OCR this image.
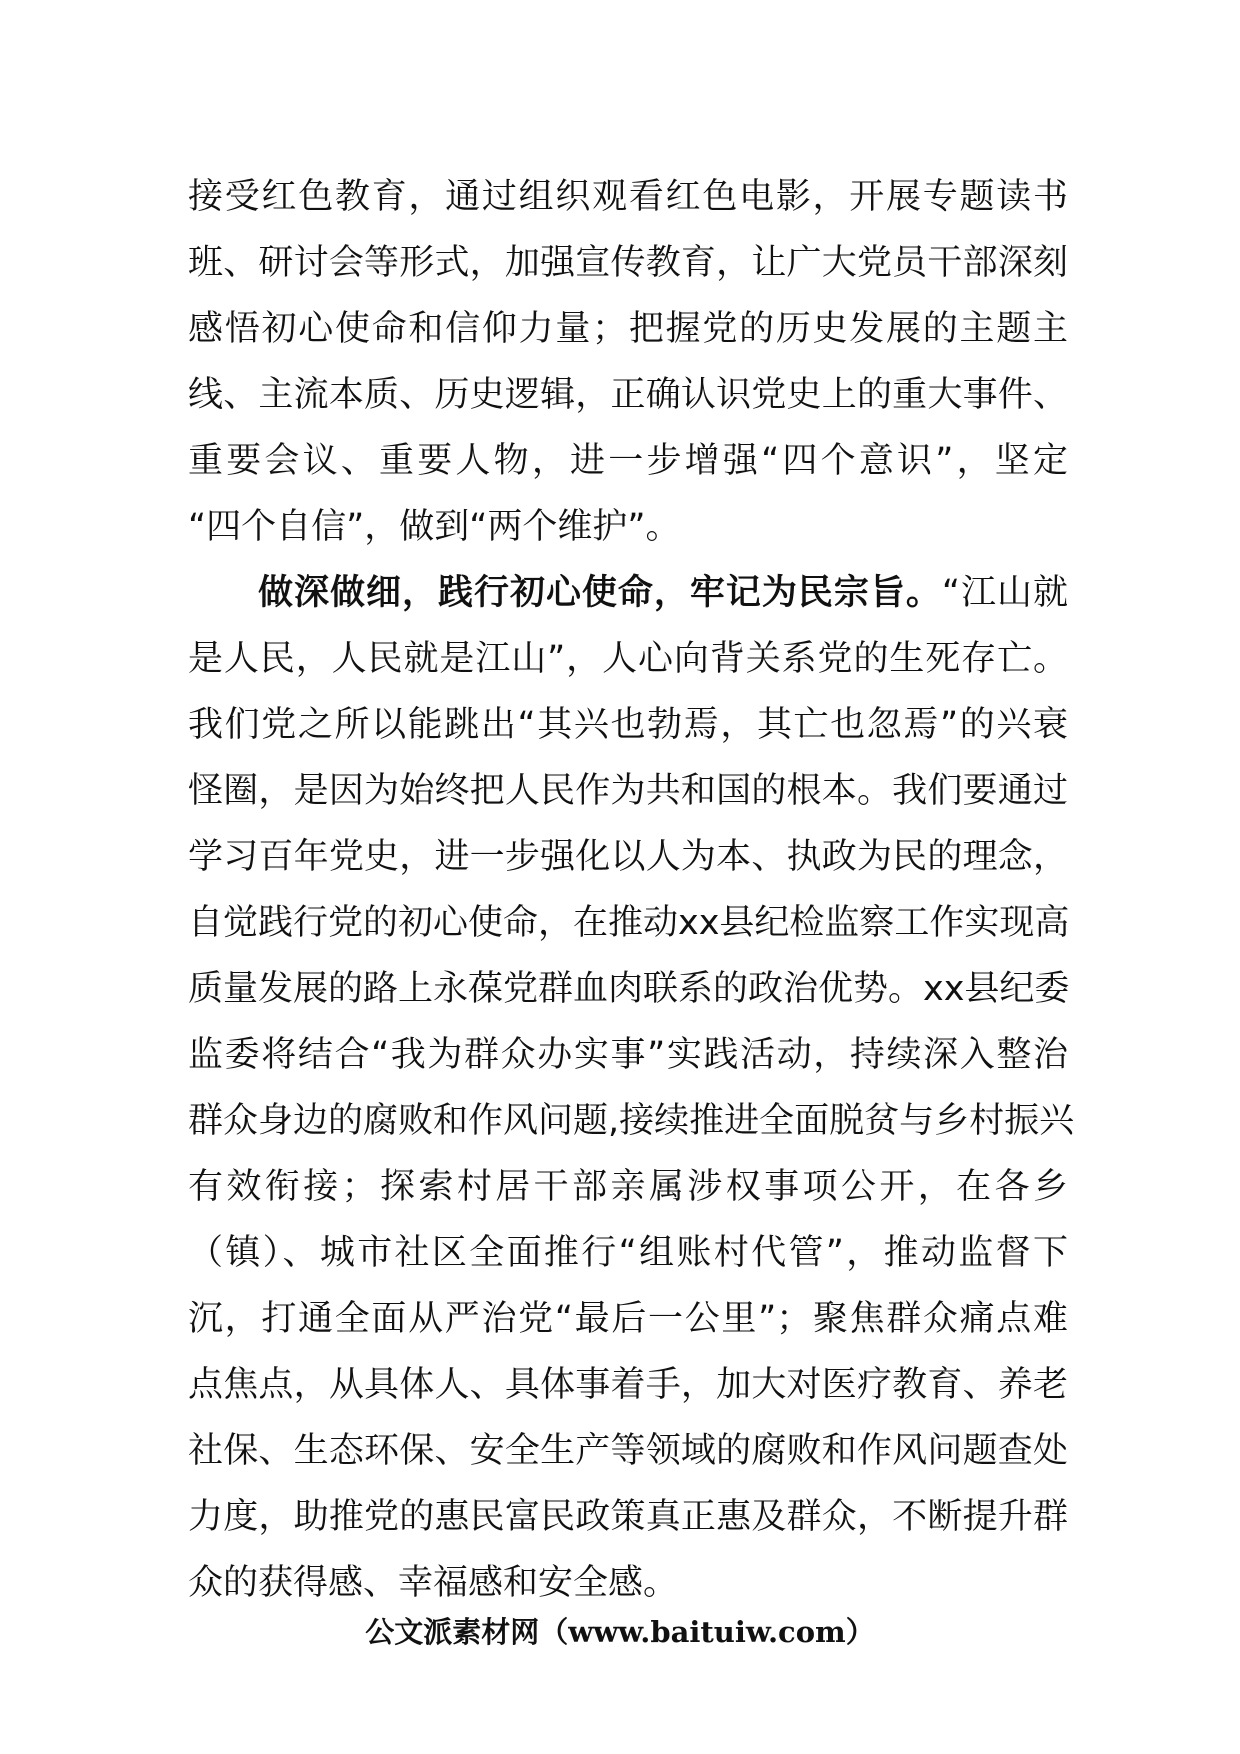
接受红色教育，通过组织观看红色电影，开展专题读书
班、研讨会等形式，加强宣传教育，让广大党员干部深刻
感悟初心使命和信仰力量；把握党的历史发展的主题主
线、主流本质、历史逻辑，正确认识党史上的重大事件、
重要会议、重要人物，进一步增强“四个意识”，坚定
“四个自信”，做到“两个维护”。
做深做细，践行初心使命，牢记为民宗旨。“江山就
是人民，人民就是江山”，人心向背关系党的生死存亡。
我们党之所以能跳出“其兴也勃焉，其亡也忽焉”的兴衰
怪圈，是因为始终把人民作为共和国的根本。我们要通过
学习百年党史，进一步强化以人为本、执政为民的理念，
自觉践行党的初心使命，在推动xx县纪检监察工作实现高
质量发展的路上永葆党群血肉联系的政治优势。xx县纪委
监委将结合“我为群众办实事”实践活动，持续深入整治
群众身边的腐败和作风问题,接续推进全面脱贫与乡村振兴
有效衔接；探索村居干部亲属涉权事项公开，在各乡
（镇）、城市社区全面推行“组账村代管”，推动监督下
沉，打通全面从严治党“最后一公里”；聚焦群众痛点难
点焦点，从具体人、具体事着手，加大对医疗教育、养老
社保、生态环保、安全生产等领域的腐败和作风问题查处
力度，助推党的惠民富民政策真正惠及群众，不断提升群
众的获得感、幸福感和安全感。
公文派素材网（www.baituiw.com）
